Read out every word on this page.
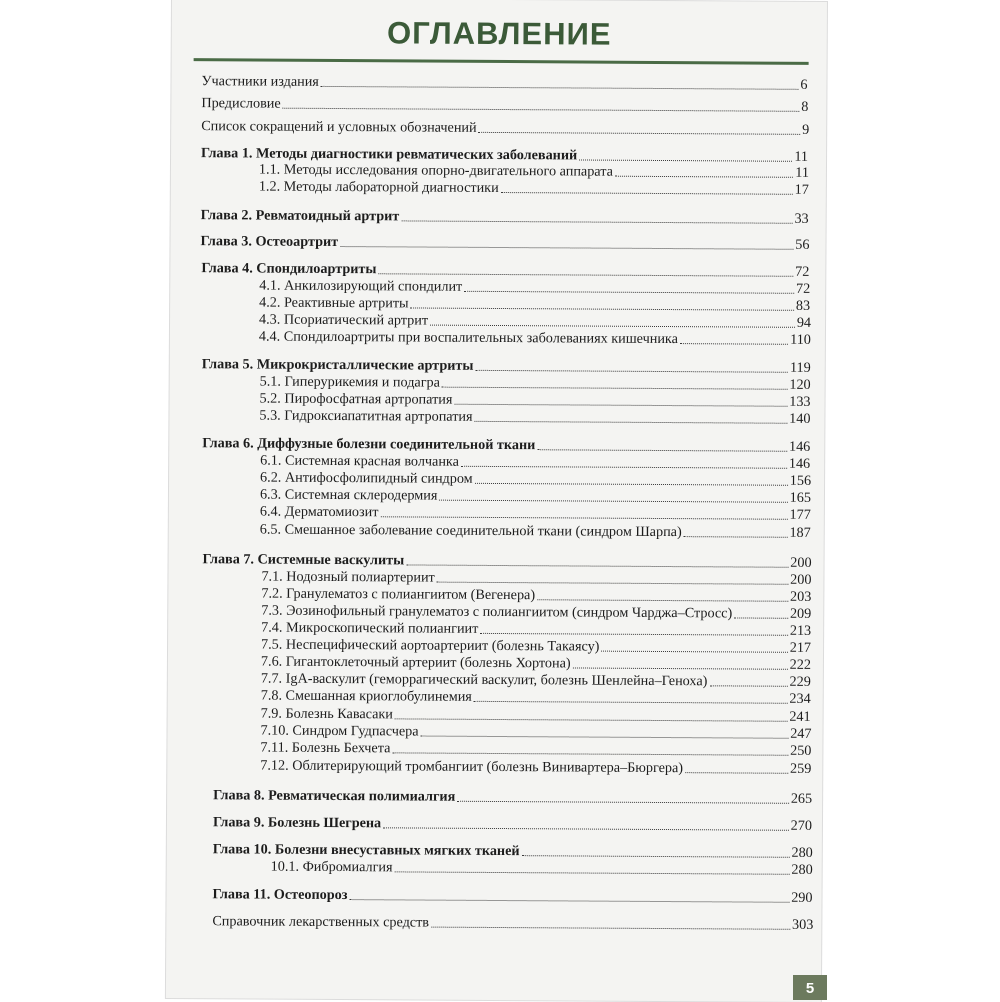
ОГЛАВЛЕНИЕ
Участники издания	6
Предисловие	8
Список сокращений и условных обозначений	9
Глава 1. Методы диагностики ревматических заболеваний	11
1.1. Методы исследования опорно-двигательного аппарата	11
1.2. Методы лабораторной диагностики	17
Глава 2. Ревматоидный артрит	33
Глава 3. Остеоартрит	56
Глава 4. Спондилоартриты	72
4.1. Анкилозирующий спондилит	72
4.2. Реактивные артриты	83
4.3. Псориатический артрит	94
4.4. Спондилоартриты при воспалительных заболеваниях кишечника	110
Глава 5. Микрокристаллические артриты	119
5.1. Гиперурикемия и подагра	120
5.2. Пирофосфатная артропатия	133
5.3. Гидроксиапатитная артропатия	140
Глава 6. Диффузные болезни соединительной ткани	146
6.1. Системная красная волчанка	146
6.2. Антифосфолипидный синдром	156
6.3. Системная склеродермия	165
6.4. Дерматомиозит	177
6.5. Смешанное заболевание соединительной ткани (синдром Шарпа)	187
Глава 7. Системные васкулиты	200
7.1. Нодозный полиартериит	200
7.2. Гранулематоз с полиангиитом (Вегенера)	203
7.3. Эозинофильный гранулематоз с полиангиитом (синдром Чарджа–Стросс)	209
7.4. Микроскопический полиангиит	213
7.5. Неспецифический аортоартериит (болезнь Такаясу)	217
7.6. Гигантоклеточный артериит (болезнь Хортона)	222
7.7. IgA-васкулит (геморрагический васкулит, болезнь Шенлейна–Геноха)	229
7.8. Смешанная криоглобулинемия	234
7.9. Болезнь Кавасаки	241
7.10. Синдром Гудпасчера	247
7.11. Болезнь Бехчета	250
7.12. Облитерирующий тромбангиит (болезнь Винивартера–Бюргера)	259
Глава 8. Ревматическая полимиалгия	265
Глава 9. Болезнь Шегрена	270
Глава 10. Болезни внесуставных мягких тканей	280
10.1. Фибромиалгия	280
Глава 11. Остеопороз	290
Справочник лекарственных средств	303
5
